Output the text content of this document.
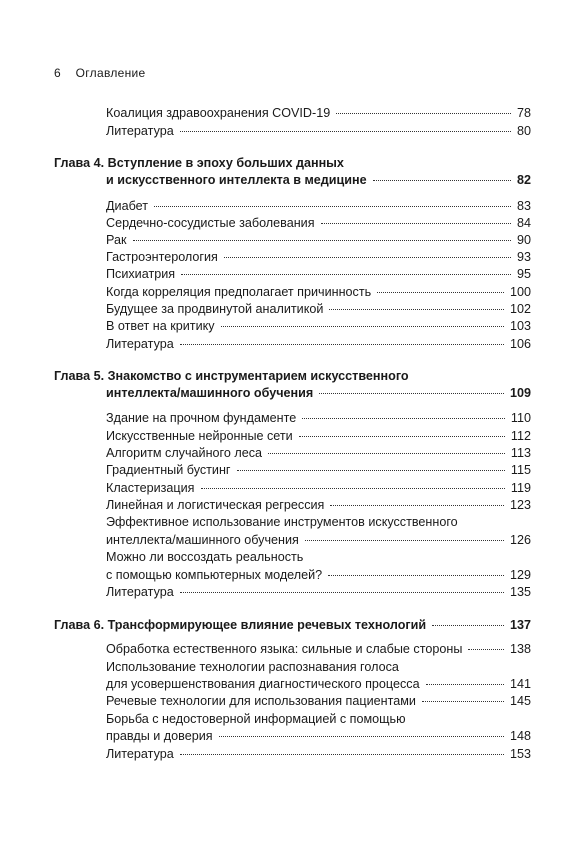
6 Оглавление
Коалиция здравоохранения COVID-19	78
Литература	80
Глава 4. Вступление в эпоху больших данных
и искусственного интеллекта в медицине	82
Диабет	83
Сердечно-сосудистые заболевания	84
Рак	90
Гастроэнтерология	93
Психиатрия	95
Когда корреляция предполагает причинность	100
Будущее за продвинутой аналитикой	102
В ответ на критику	103
Литература	106
Глава 5. Знакомство с инструментарием искусственного
интеллекта/машинного обучения	109
Здание на прочном фундаменте	110
Искусственные нейронные сети	112
Алгоритм случайного леса	113
Градиентный бустинг	115
Кластеризация	119
Линейная и логистическая регрессия	123
Эффективное использование инструментов искусственного
интеллекта/машинного обучения	126
Можно ли воссоздать реальность
с помощью компьютерных моделей?	129
Литература	135
Глава 6. Трансформирующее влияние речевых технологий	137
Обработка естественного языка: сильные и слабые стороны	138
Использование технологии распознавания голоса
для усовершенствования диагностического процесса	141
Речевые технологии для использования пациентами	145
Борьба с недостоверной информацией с помощью
правды и доверия	148
Литература	153
